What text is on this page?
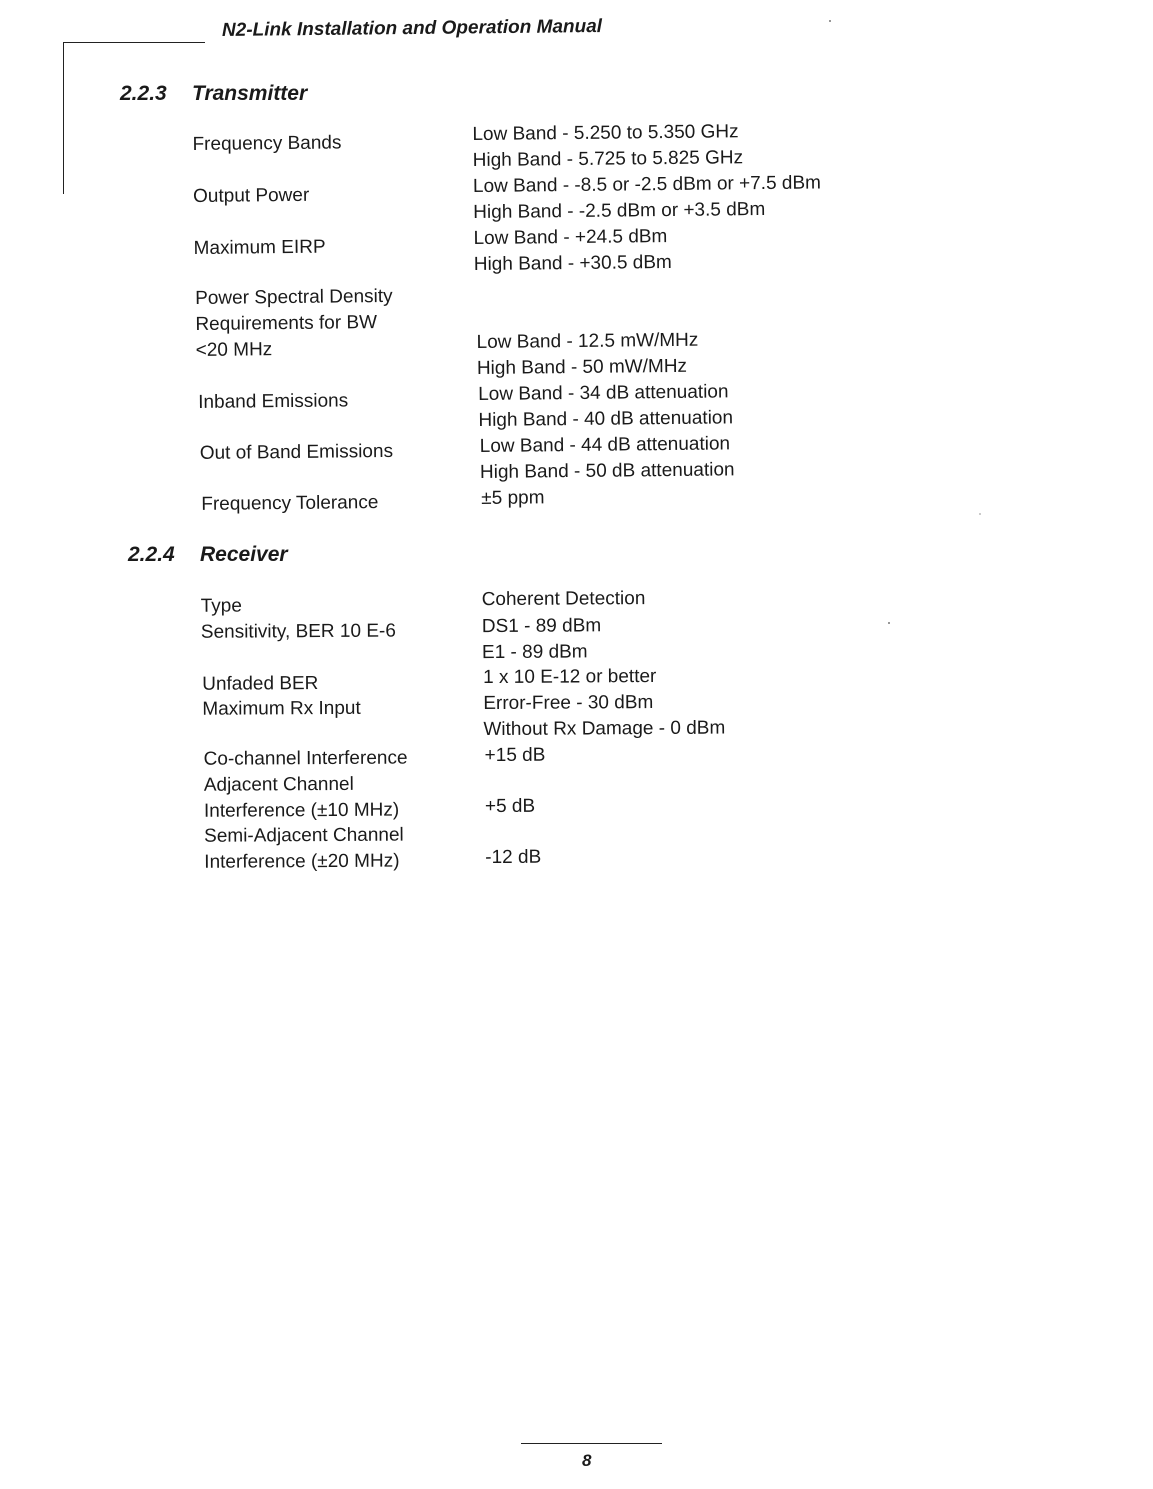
N2-Link Installation and Operation Manual
2.2.3 Transmitter
Frequency Bands	Low Band - 5.250 to 5.350 GHz
High Band - 5.725 to 5.825 GHz
Output Power	Low Band - -8.5 or -2.5 dBm or +7.5 dBm
High Band - -2.5 dBm or +3.5 dBm
Maximum EIRP	Low Band - +24.5 dBm
High Band - +30.5 dBm
Power Spectral Density
Requirements for BW
<20 MHz	Low Band - 12.5 mW/MHz
High Band - 50 mW/MHz
Inband Emissions	Low Band - 34 dB attenuation
High Band - 40 dB attenuation
Out of Band Emissions	Low Band - 44 dB attenuation
High Band - 50 dB attenuation
Frequency Tolerance	±5 ppm
2.2.4 Receiver
Type	Coherent Detection
Sensitivity, BER 10 E-6	DS1 - 89 dBm
E1 - 89 dBm
Unfaded BER	1 x 10 E-12 or better
Maximum Rx Input	Error-Free - 30 dBm
Without Rx Damage - 0 dBm
Co-channel Interference	+15 dB
Adjacent Channel
Interference (±10 MHz)	+5 dB
Semi-Adjacent Channel
Interference (±20 MHz)	-12 dB
8
